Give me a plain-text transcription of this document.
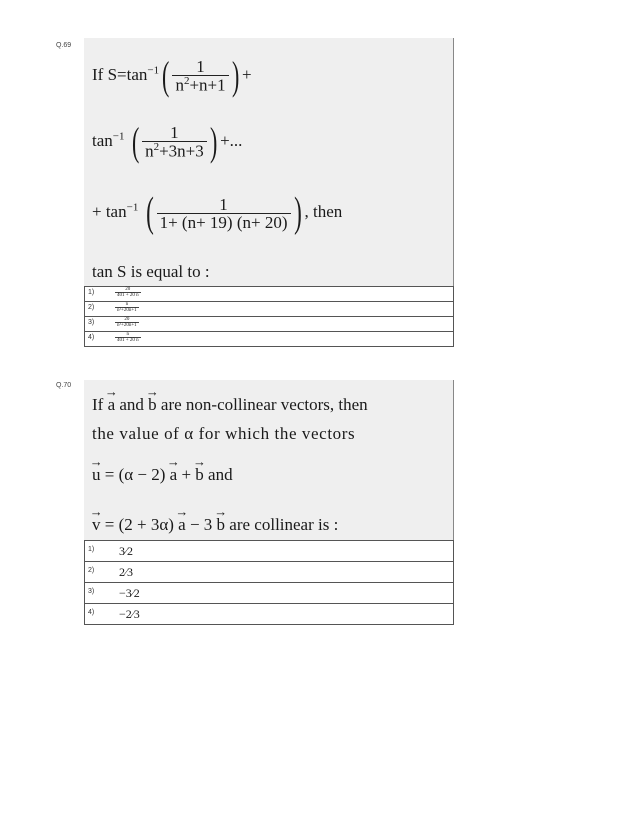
Q.69
If $S=\tan^{-1}( \frac{1}{n^2+n+1}$ ) +
$\tan^{-1}$ ( $\frac{1}{n^2+3n+3}$ ) +...
+ $\tan^{-1}$ ( $\frac{1}{1+ (n+ 19) (n+ 20)}$ ) , then
tan S is equal to :
1)	$\frac{20}{401 + 20 n}$
2)	$\frac{n}{\text{n²+20n+1}}$
3)	$\frac{20}{\text{n²+20n+1}}$
4)	$\frac{n}{401 + 20 n}$
Q.70
If → a and → b are non-collinear vectors, then
the value of α for which the vectors
→ u = (α − 2) → a + → b and
→ v = (2 + 3α) → a − 3 → b are collinear is :
1) 3⁄2
2) 2⁄3
3) −3⁄2
4) −2⁄3
